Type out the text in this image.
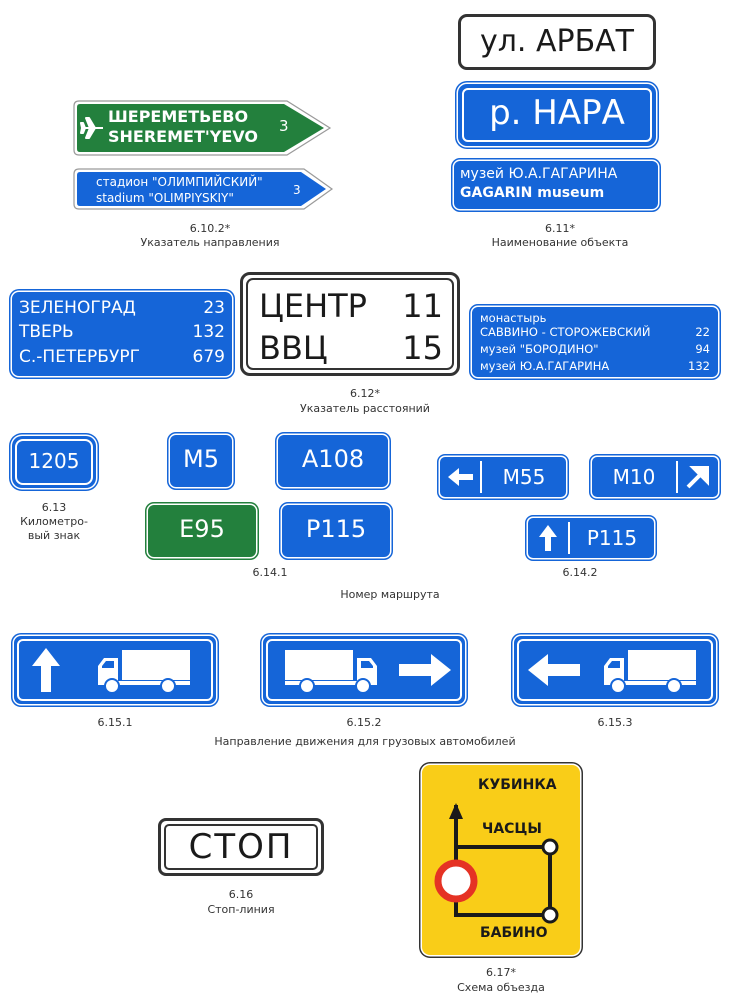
ШЕРЕМЕТЬЕВО
SHEREMET'YEVO
3
стадион "ОЛИМПИЙСКИЙ"
stadium "OLIMPIYSKIY"
3
6.10.2*
Указатель направления
ул. АРБАТ
р. НАРА
музей Ю.А.ГАГАРИНА
GAGARIN museum
6.11*
Наименование объекта
ЗЕЛЕНОГРАД	23
ТВЕРЬ	132
С.-ПЕТЕРБУРГ	679
ЦЕНТР 11
ВВЦ 15
монастырь
САВВИНО - СТОРОЖЕВСКИЙ	22
музей "БОРОДИНО"	94
музей Ю.А.ГАГАРИНА	132
6.12*
Указатель расстояний
1205
6.13
Километро-
вый знак
M5	A108
E95	P115
6.14.1
M55	M10
P115
6.14.2
Номер маршрута
6.15.1	6.15.2	6.15.3
Направление движения для грузовых автомобилей
СТОП
6.16
Стоп-линия
КУБИНКА
ЧАСЦЫ
БАБИНО
6.17*
Схема объезда
